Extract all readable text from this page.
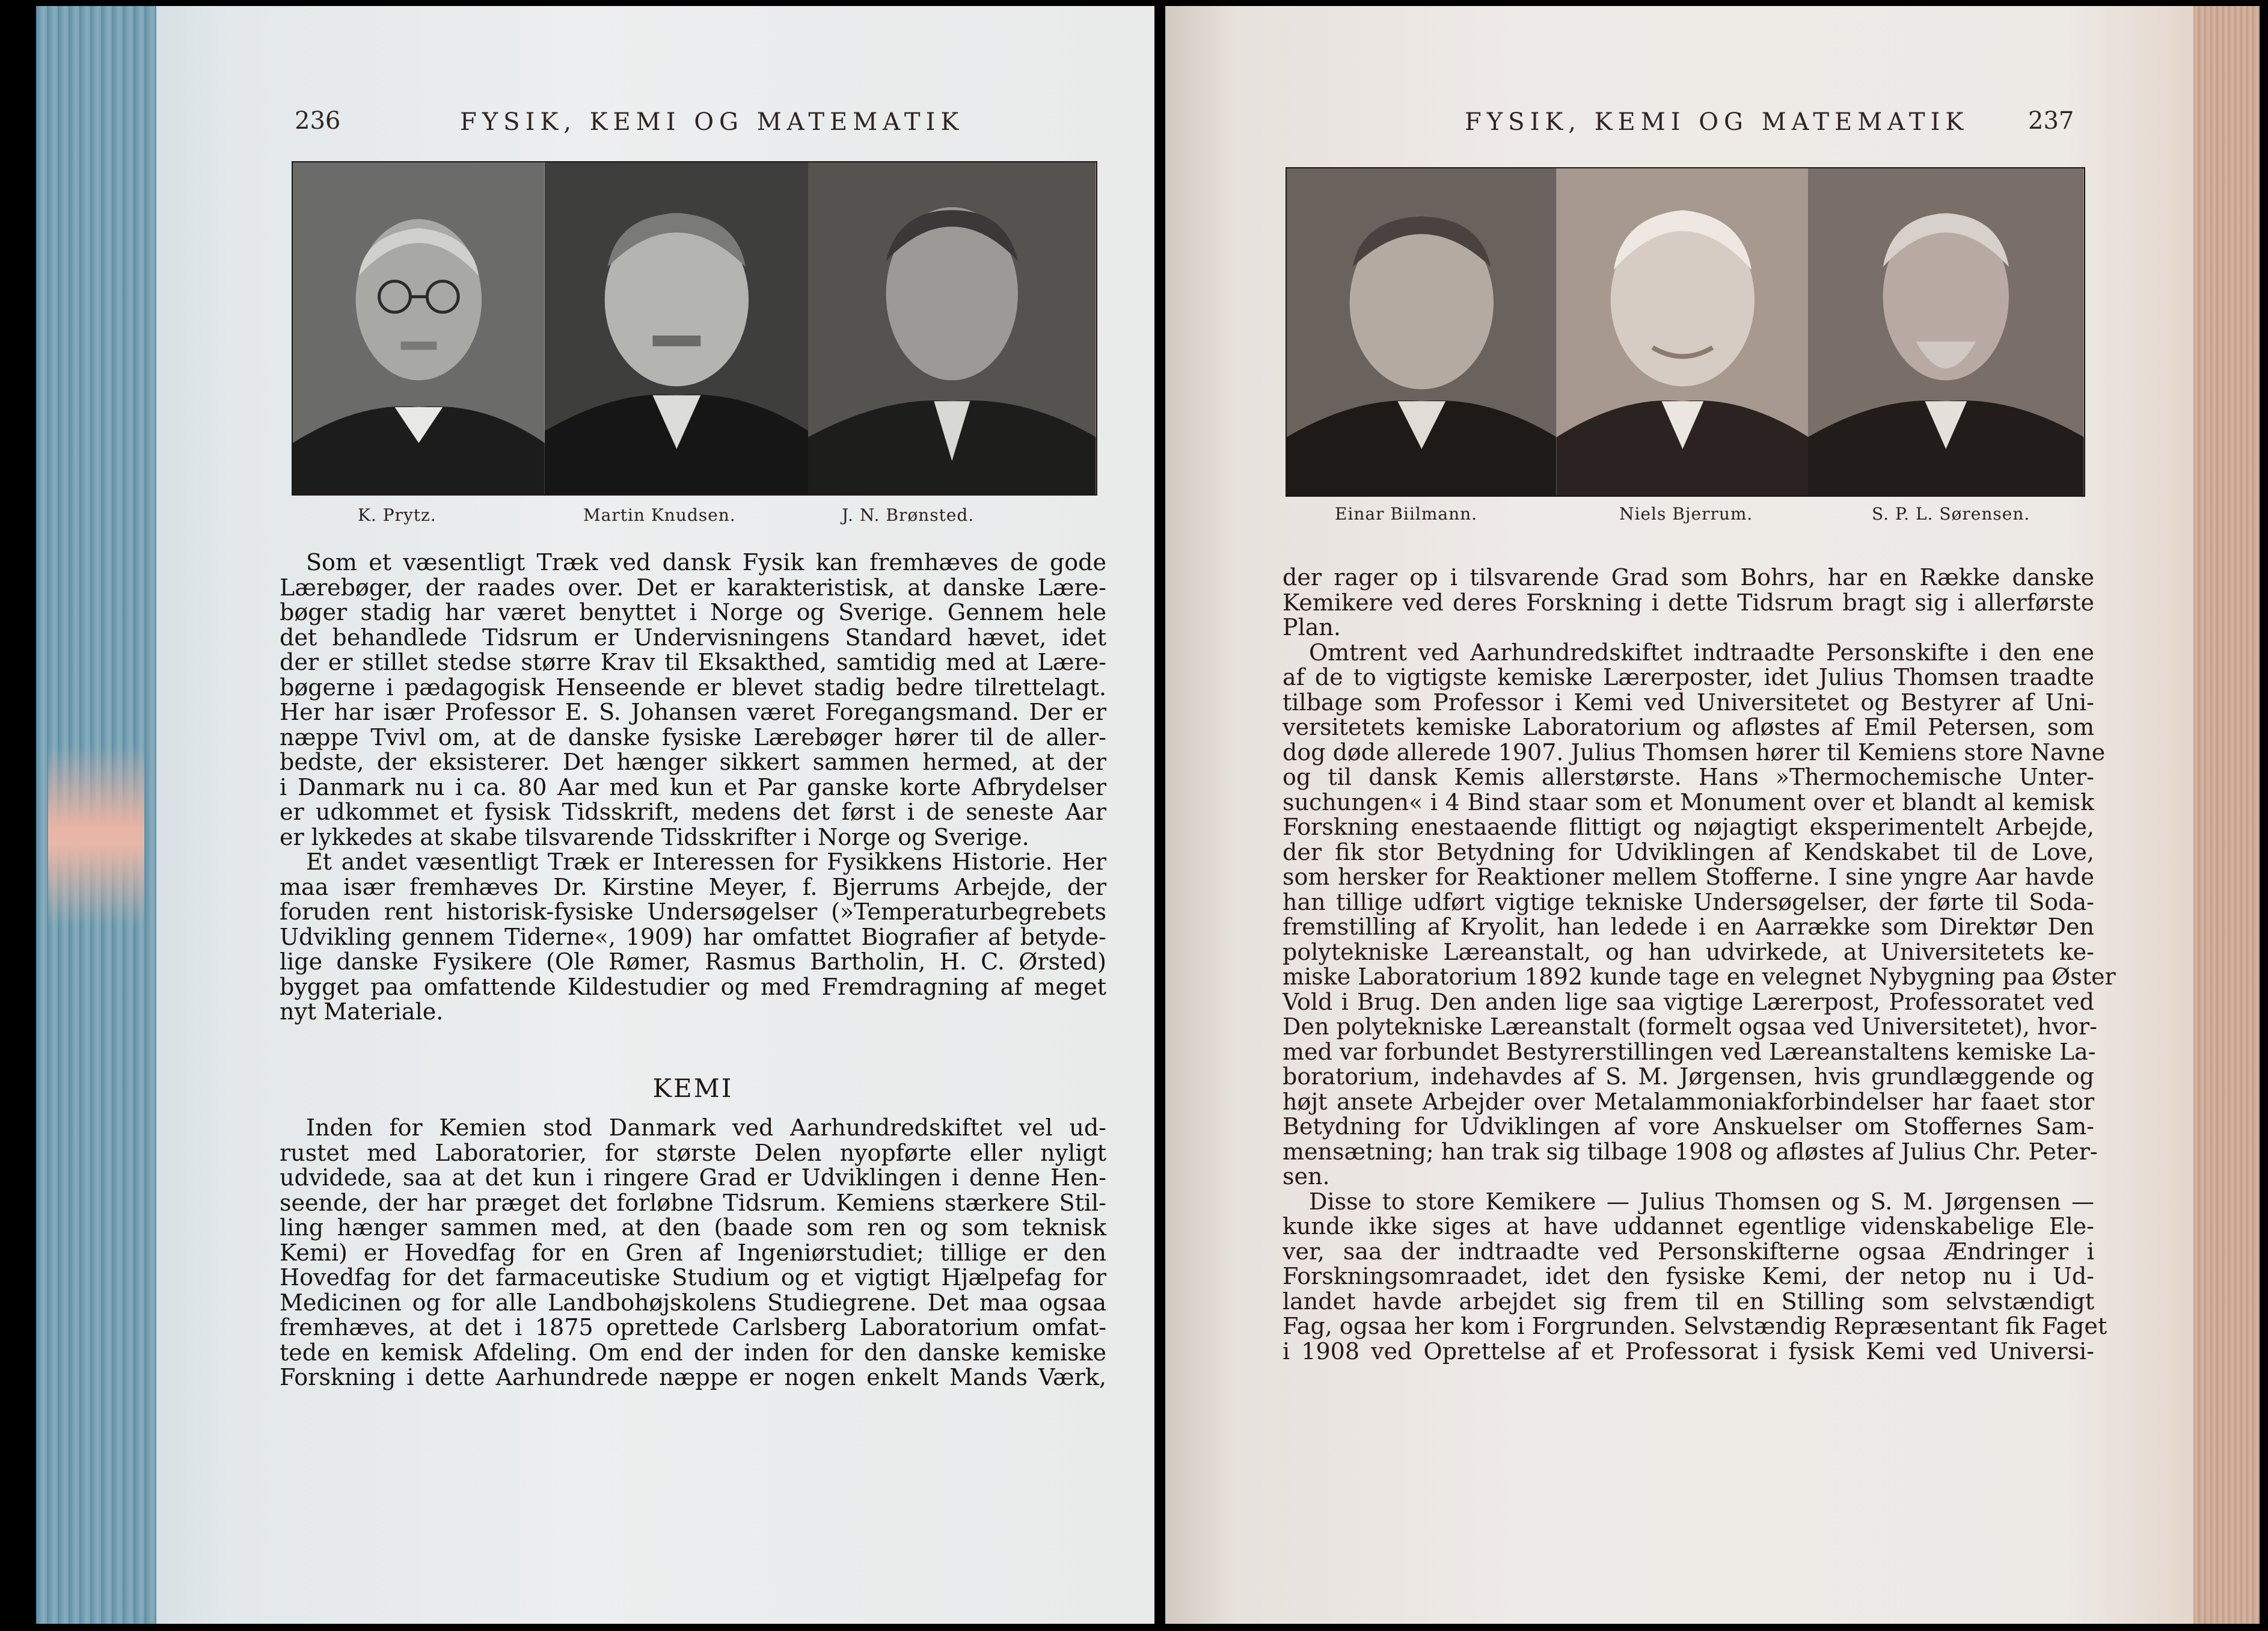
236	FYSIK, KEMI OG MATEMATIK
K. Prytz.	Martin Knudsen.	J. N. Brønsted.
Som et væsentligt Træk ved dansk Fysik kan fremhæves de gode
Lærebøger, der raades over. Det er karakteristisk, at danske Lære-
bøger stadig har været benyttet i Norge og Sverige. Gennem hele
det behandlede Tidsrum er Undervisningens Standard hævet, idet
der er stillet stedse større Krav til Eksakthed, samtidig med at Lære-
bøgerne i pædagogisk Henseende er blevet stadig bedre tilrettelagt.
Her har især Professor E. S. Johansen været Foregangsmand. Der er
næppe Tvivl om, at de danske fysiske Lærebøger hører til de aller-
bedste, der eksisterer. Det hænger sikkert sammen hermed, at der
i Danmark nu i ca. 80 Aar med kun et Par ganske korte Afbrydelser
er udkommet et fysisk Tidsskrift, medens det først i de seneste Aar
er lykkedes at skabe tilsvarende Tidsskrifter i Norge og Sverige.
Et andet væsentligt Træk er Interessen for Fysikkens Historie. Her
maa især fremhæves Dr. Kirstine Meyer, f. Bjerrums Arbejde, der
foruden rent historisk-fysiske Undersøgelser (»Temperaturbegrebets
Udvikling gennem Tiderne«, 1909) har omfattet Biografier af betyde-
lige danske Fysikere (Ole Rømer, Rasmus Bartholin, H. C. Ørsted)
bygget paa omfattende Kildestudier og med Fremdragning af meget
nyt Materiale.
KEMI
Inden for Kemien stod Danmark ved Aarhundredskiftet vel ud-
rustet med Laboratorier, for største Delen nyopførte eller nyligt
udvidede, saa at det kun i ringere Grad er Udviklingen i denne Hen-
seende, der har præget det forløbne Tidsrum. Kemiens stærkere Stil-
ling hænger sammen med, at den (baade som ren og som teknisk
Kemi) er Hovedfag for en Gren af Ingeniørstudiet; tillige er den
Hovedfag for det farmaceutiske Studium og et vigtigt Hjælpefag for
Medicinen og for alle Landbohøjskolens Studiegrene. Det maa ogsaa
fremhæves, at det i 1875 oprettede Carlsberg Laboratorium omfat-
tede en kemisk Afdeling. Om end der inden for den danske kemiske
Forskning i dette Aarhundrede næppe er nogen enkelt Mands Værk,
FYSIK, KEMI OG MATEMATIK 237
Einar Biilmann.	Niels Bjerrum.	S. P. L. Sørensen.
der rager op i tilsvarende Grad som Bohrs, har en Række danske
Kemikere ved deres Forskning i dette Tidsrum bragt sig i allerførste
Plan.
Omtrent ved Aarhundredskiftet indtraadte Personskifte i den ene
af de to vigtigste kemiske Lærerposter, idet Julius Thomsen traadte
tilbage som Professor i Kemi ved Universitetet og Bestyrer af Uni-
versitetets kemiske Laboratorium og afløstes af Emil Petersen, som
dog døde allerede 1907. Julius Thomsen hører til Kemiens store Navne
og til dansk Kemis allerstørste. Hans »Thermochemische Unter-
suchungen« i 4 Bind staar som et Monument over et blandt al kemisk
Forskning enestaaende flittigt og nøjagtigt eksperimentelt Arbejde,
der fik stor Betydning for Udviklingen af Kendskabet til de Love,
som hersker for Reaktioner mellem Stofferne. I sine yngre Aar havde
han tillige udført vigtige tekniske Undersøgelser, der førte til Soda-
fremstilling af Kryolit, han ledede i en Aarrække som Direktør Den
polytekniske Læreanstalt, og han udvirkede, at Universitetets ke-
miske Laboratorium 1892 kunde tage en velegnet Nybygning paa Øster
Vold i Brug. Den anden lige saa vigtige Lærerpost, Professoratet ved
Den polytekniske Læreanstalt (formelt ogsaa ved Universitetet), hvor-
med var forbundet Bestyrerstillingen ved Læreanstaltens kemiske La-
boratorium, indehavdes af S. M. Jørgensen, hvis grundlæggende og
højt ansete Arbejder over Metalammoniakforbindelser har faaet stor
Betydning for Udviklingen af vore Anskuelser om Stoffernes Sam-
mensætning; han trak sig tilbage 1908 og afløstes af Julius Chr. Peter-
sen.
Disse to store Kemikere — Julius Thomsen og S. M. Jørgensen —
kunde ikke siges at have uddannet egentlige videnskabelige Ele-
ver, saa der indtraadte ved Personskifterne ogsaa Ændringer i
Forskningsomraadet, idet den fysiske Kemi, der netop nu i Ud-
landet havde arbejdet sig frem til en Stilling som selvstændigt
Fag, ogsaa her kom i Forgrunden. Selvstændig Repræsentant fik Faget
i 1908 ved Oprettelse af et Professorat i fysisk Kemi ved Universi-
